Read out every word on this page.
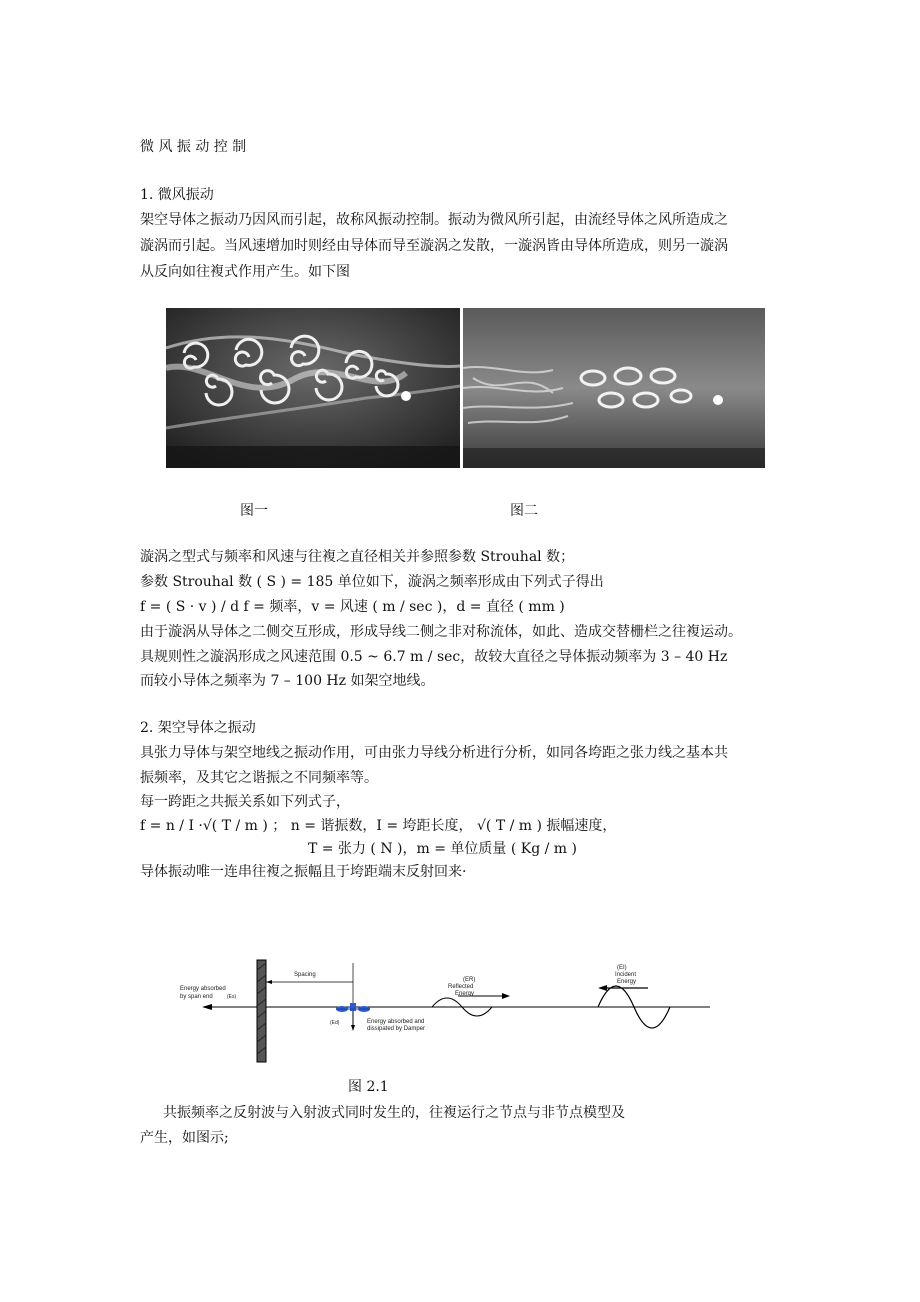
微 风 振 动 控 制
1. 微风振动
架空导体之振动乃因风而引起，故称风振动控制。振动为微风所引起，由流经导体之风所造成之
漩涡而引起。当风速增加时则经由导体而导至漩涡之发散，一漩涡皆由导体所造成，则另一漩涡
从反向如往複式作用产生。如下图
图一	图二
漩涡之型式与频率和风速与往複之直径相关并参照参数 Strouhal 数；
参数 Strouhal 数 ( S ) = 185 单位如下，漩涡之频率形成由下列式子得出
f = ( S · v ) / d f = 频率，v = 风速 ( m / sec )，d = 直径 ( mm )
由于漩涡从导体之二侧交互形成，形成导线二侧之非对称流体，如此、造成交替栅栏之往複运动。
具规则性之漩涡形成之风速范围 0.5 ~ 6.7 m / sec，故较大直径之导体振动频率为 3 – 40 Hz
而较小导体之频率为 7 – 100 Hz 如架空地线。
2. 架空导体之振动
具张力导体与架空地线之振动作用，可由张力导线分析进行分析，如同各垮距之张力线之基本共
振频率，及其它之谐振之不同频率等。
每一跨距之共振关系如下列式子，
f = n / I ·√( T / m ) ； n = 谐振数，I = 垮距长度， √( T / m ) 振幅速度，
T = 张力 ( N )，m = 单位质量 ( Kg / m )
导体振动唯一连串往複之振幅且于垮距端末反射回来·
Spacing
Energy absorbed
by span end	(Es)
(Ed)	Energy absorbed and
dissipated by Damper
(ER)
Reflected
Energy
(EI)
Incident
Energy
图 2.1
共振频率之反射波与入射波式同时发生的，往複运行之节点与非节点模型及
产生，如图示;
